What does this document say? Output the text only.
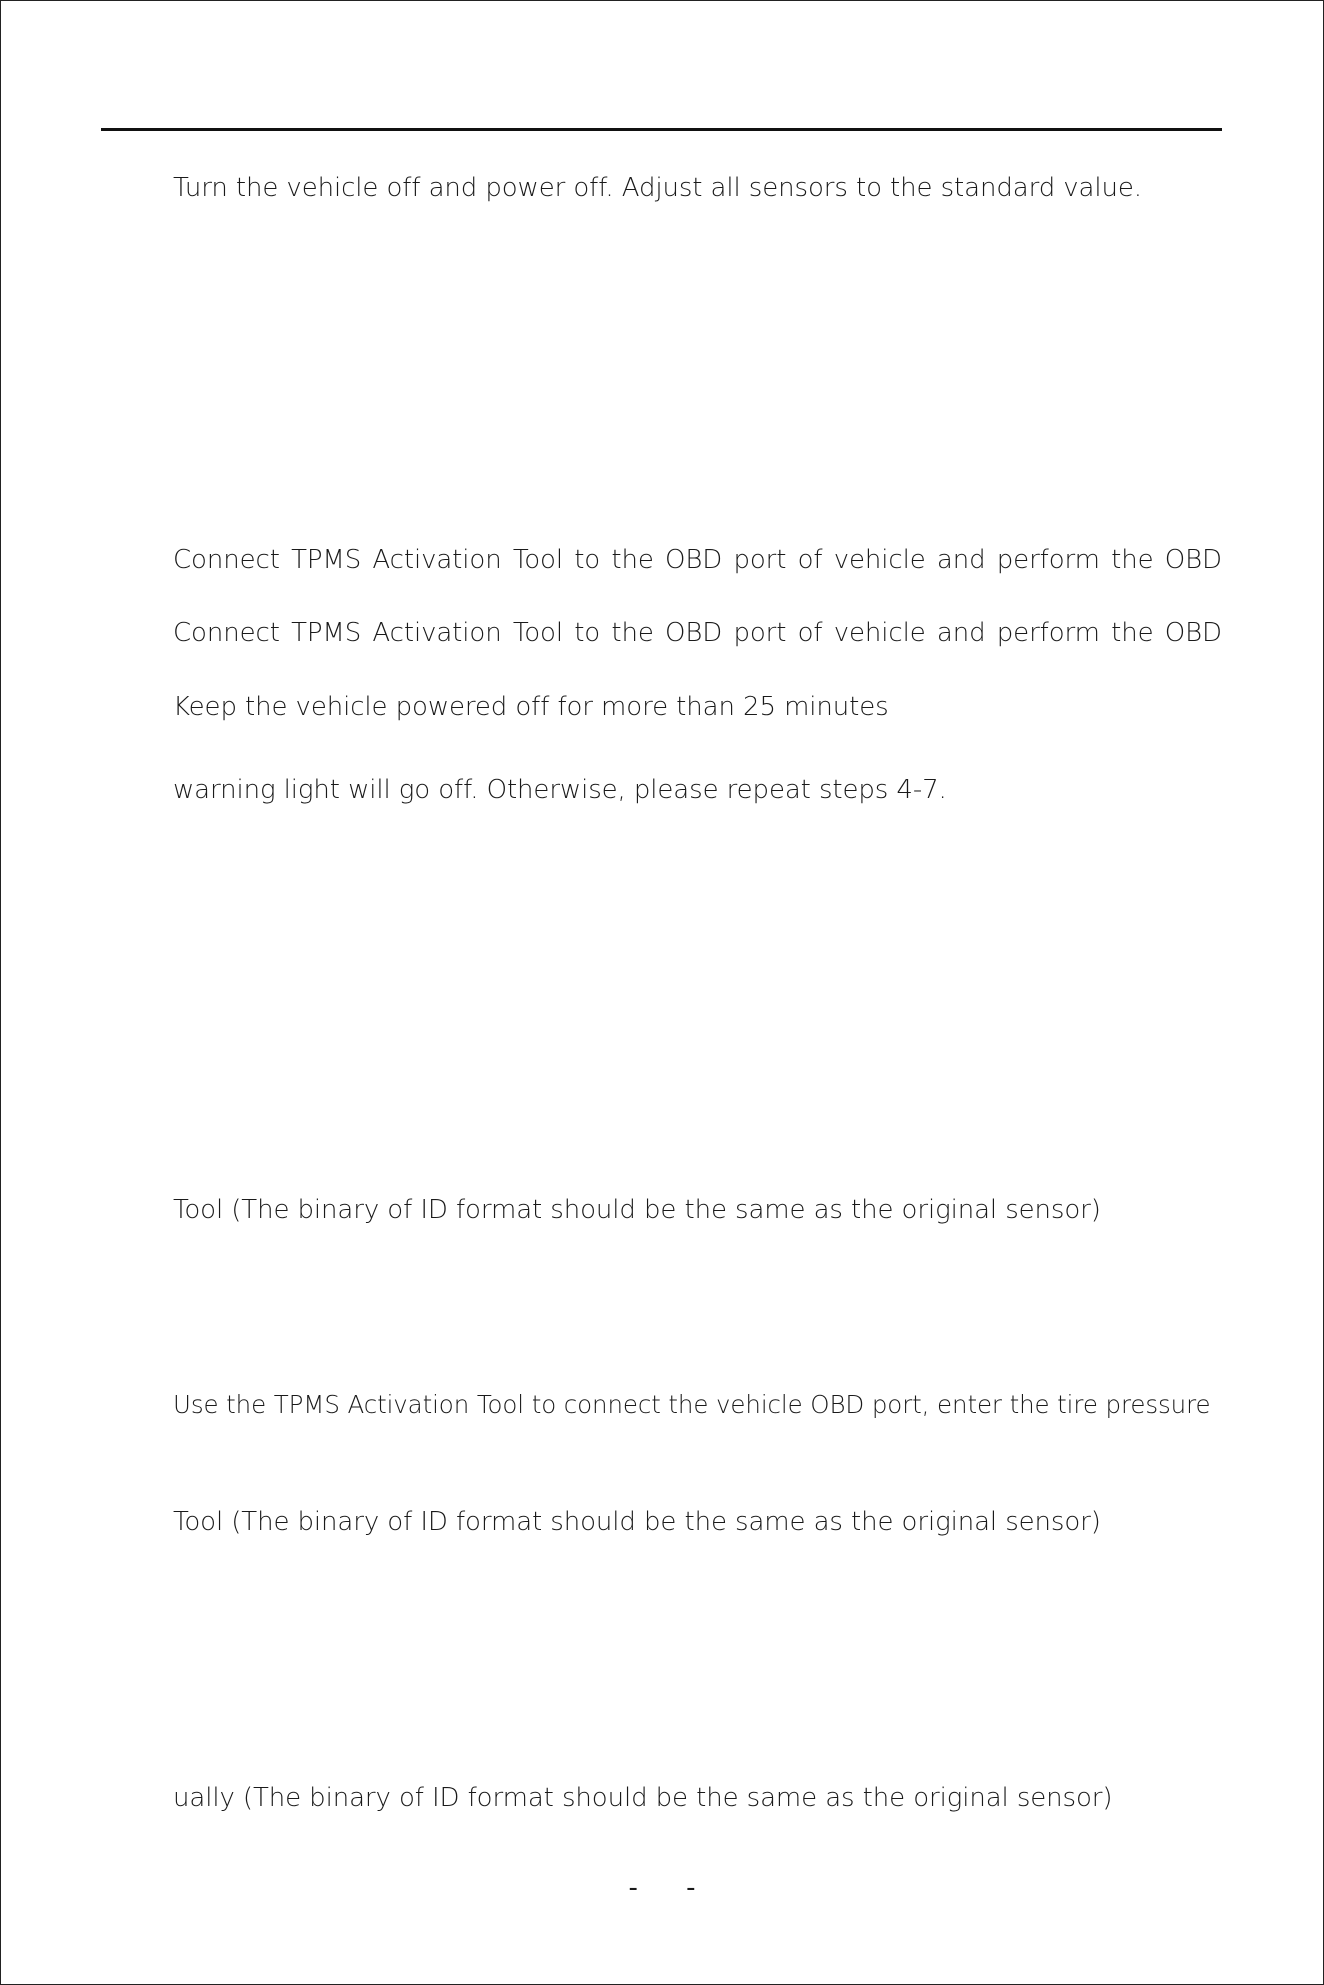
Turn the vehicle off and power off. Adjust all sensors to the standard value.
Connect TPMS Activation Tool to the OBD port of vehicle and perform the OBD
Connect TPMS Activation Tool to the OBD port of vehicle and perform the OBD
Keep the vehicle powered off for more than 25 minutes
warning light will go off. Otherwise, please repeat steps 4-7.
Tool (The binary of ID format should be the same as the original sensor)
Use the TPMS Activation Tool to connect the vehicle OBD port, enter the tire pressure
Tool (The binary of ID format should be the same as the original sensor)
ually (The binary of ID format should be the same as the original sensor)
- -
